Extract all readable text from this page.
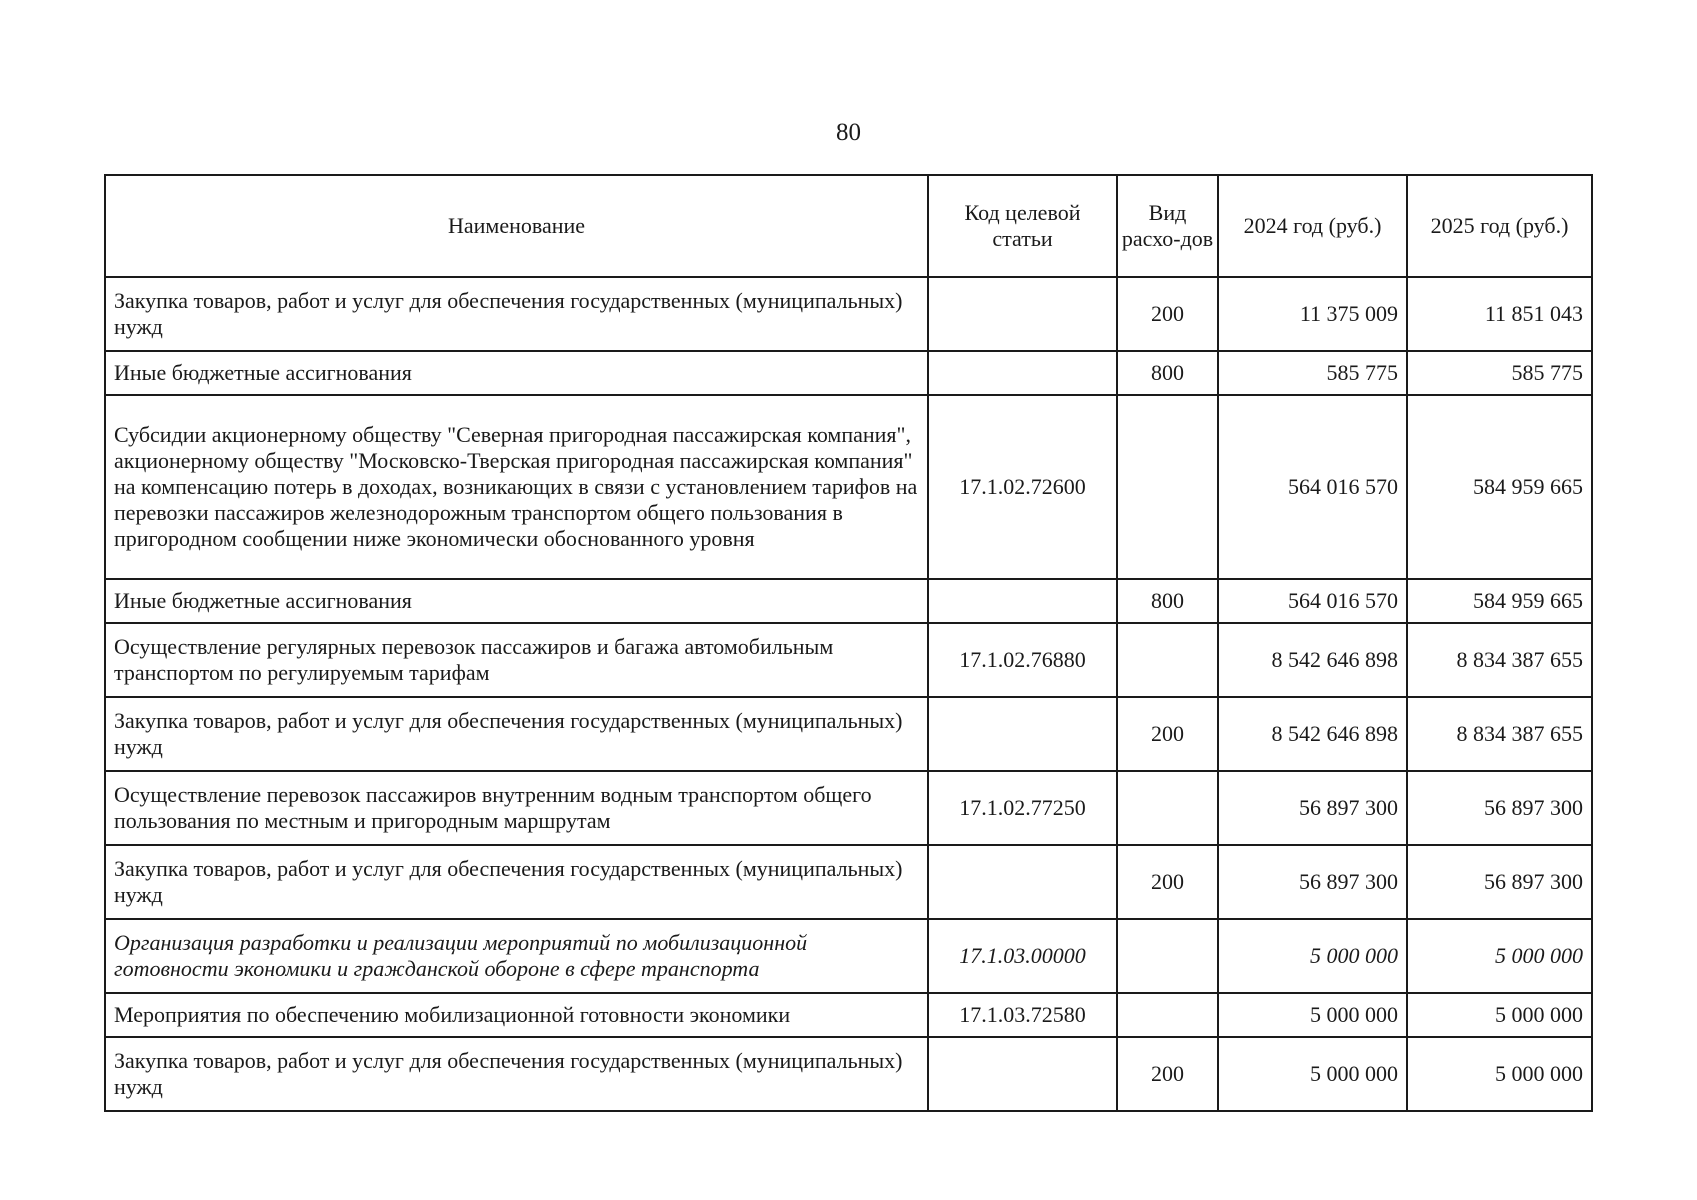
80
Наименование	Код целевой статьи	Вид расхо-дов	2024 год (руб.)	2025 год (руб.)
Закупка товаров, работ и услуг для обеспечения государственных (муниципальных) нужд		200	11 375 009	11 851 043
Иные бюджетные ассигнования		800	585 775	585 775
Субсидии акционерному обществу "Северная пригородная пассажирская компания", акционерному обществу "Московско-Тверская пригородная пассажирская компания" на компенсацию потерь в доходах, возникающих в связи с установлением тарифов на перевозки пассажиров железнодорожным транспортом общего пользования в пригородном сообщении ниже экономически обоснованного уровня	17.1.02.72600		564 016 570	584 959 665
Иные бюджетные ассигнования		800	564 016 570	584 959 665
Осуществление регулярных перевозок пассажиров и багажа автомобильным транспортом по регулируемым тарифам	17.1.02.76880		8 542 646 898	8 834 387 655
Закупка товаров, работ и услуг для обеспечения государственных (муниципальных) нужд		200	8 542 646 898	8 834 387 655
Осуществление перевозок пассажиров внутренним водным транспортом общего пользования по местным и пригородным маршрутам	17.1.02.77250		56 897 300	56 897 300
Закупка товаров, работ и услуг для обеспечения государственных (муниципальных) нужд		200	56 897 300	56 897 300
Организация разработки и реализации мероприятий по мобилизационной готовности экономики и гражданской обороне в сфере транспорта	17.1.03.00000		5 000 000	5 000 000
Мероприятия по обеспечению мобилизационной готовности экономики	17.1.03.72580		5 000 000	5 000 000
Закупка товаров, работ и услуг для обеспечения государственных (муниципальных) нужд		200	5 000 000	5 000 000
